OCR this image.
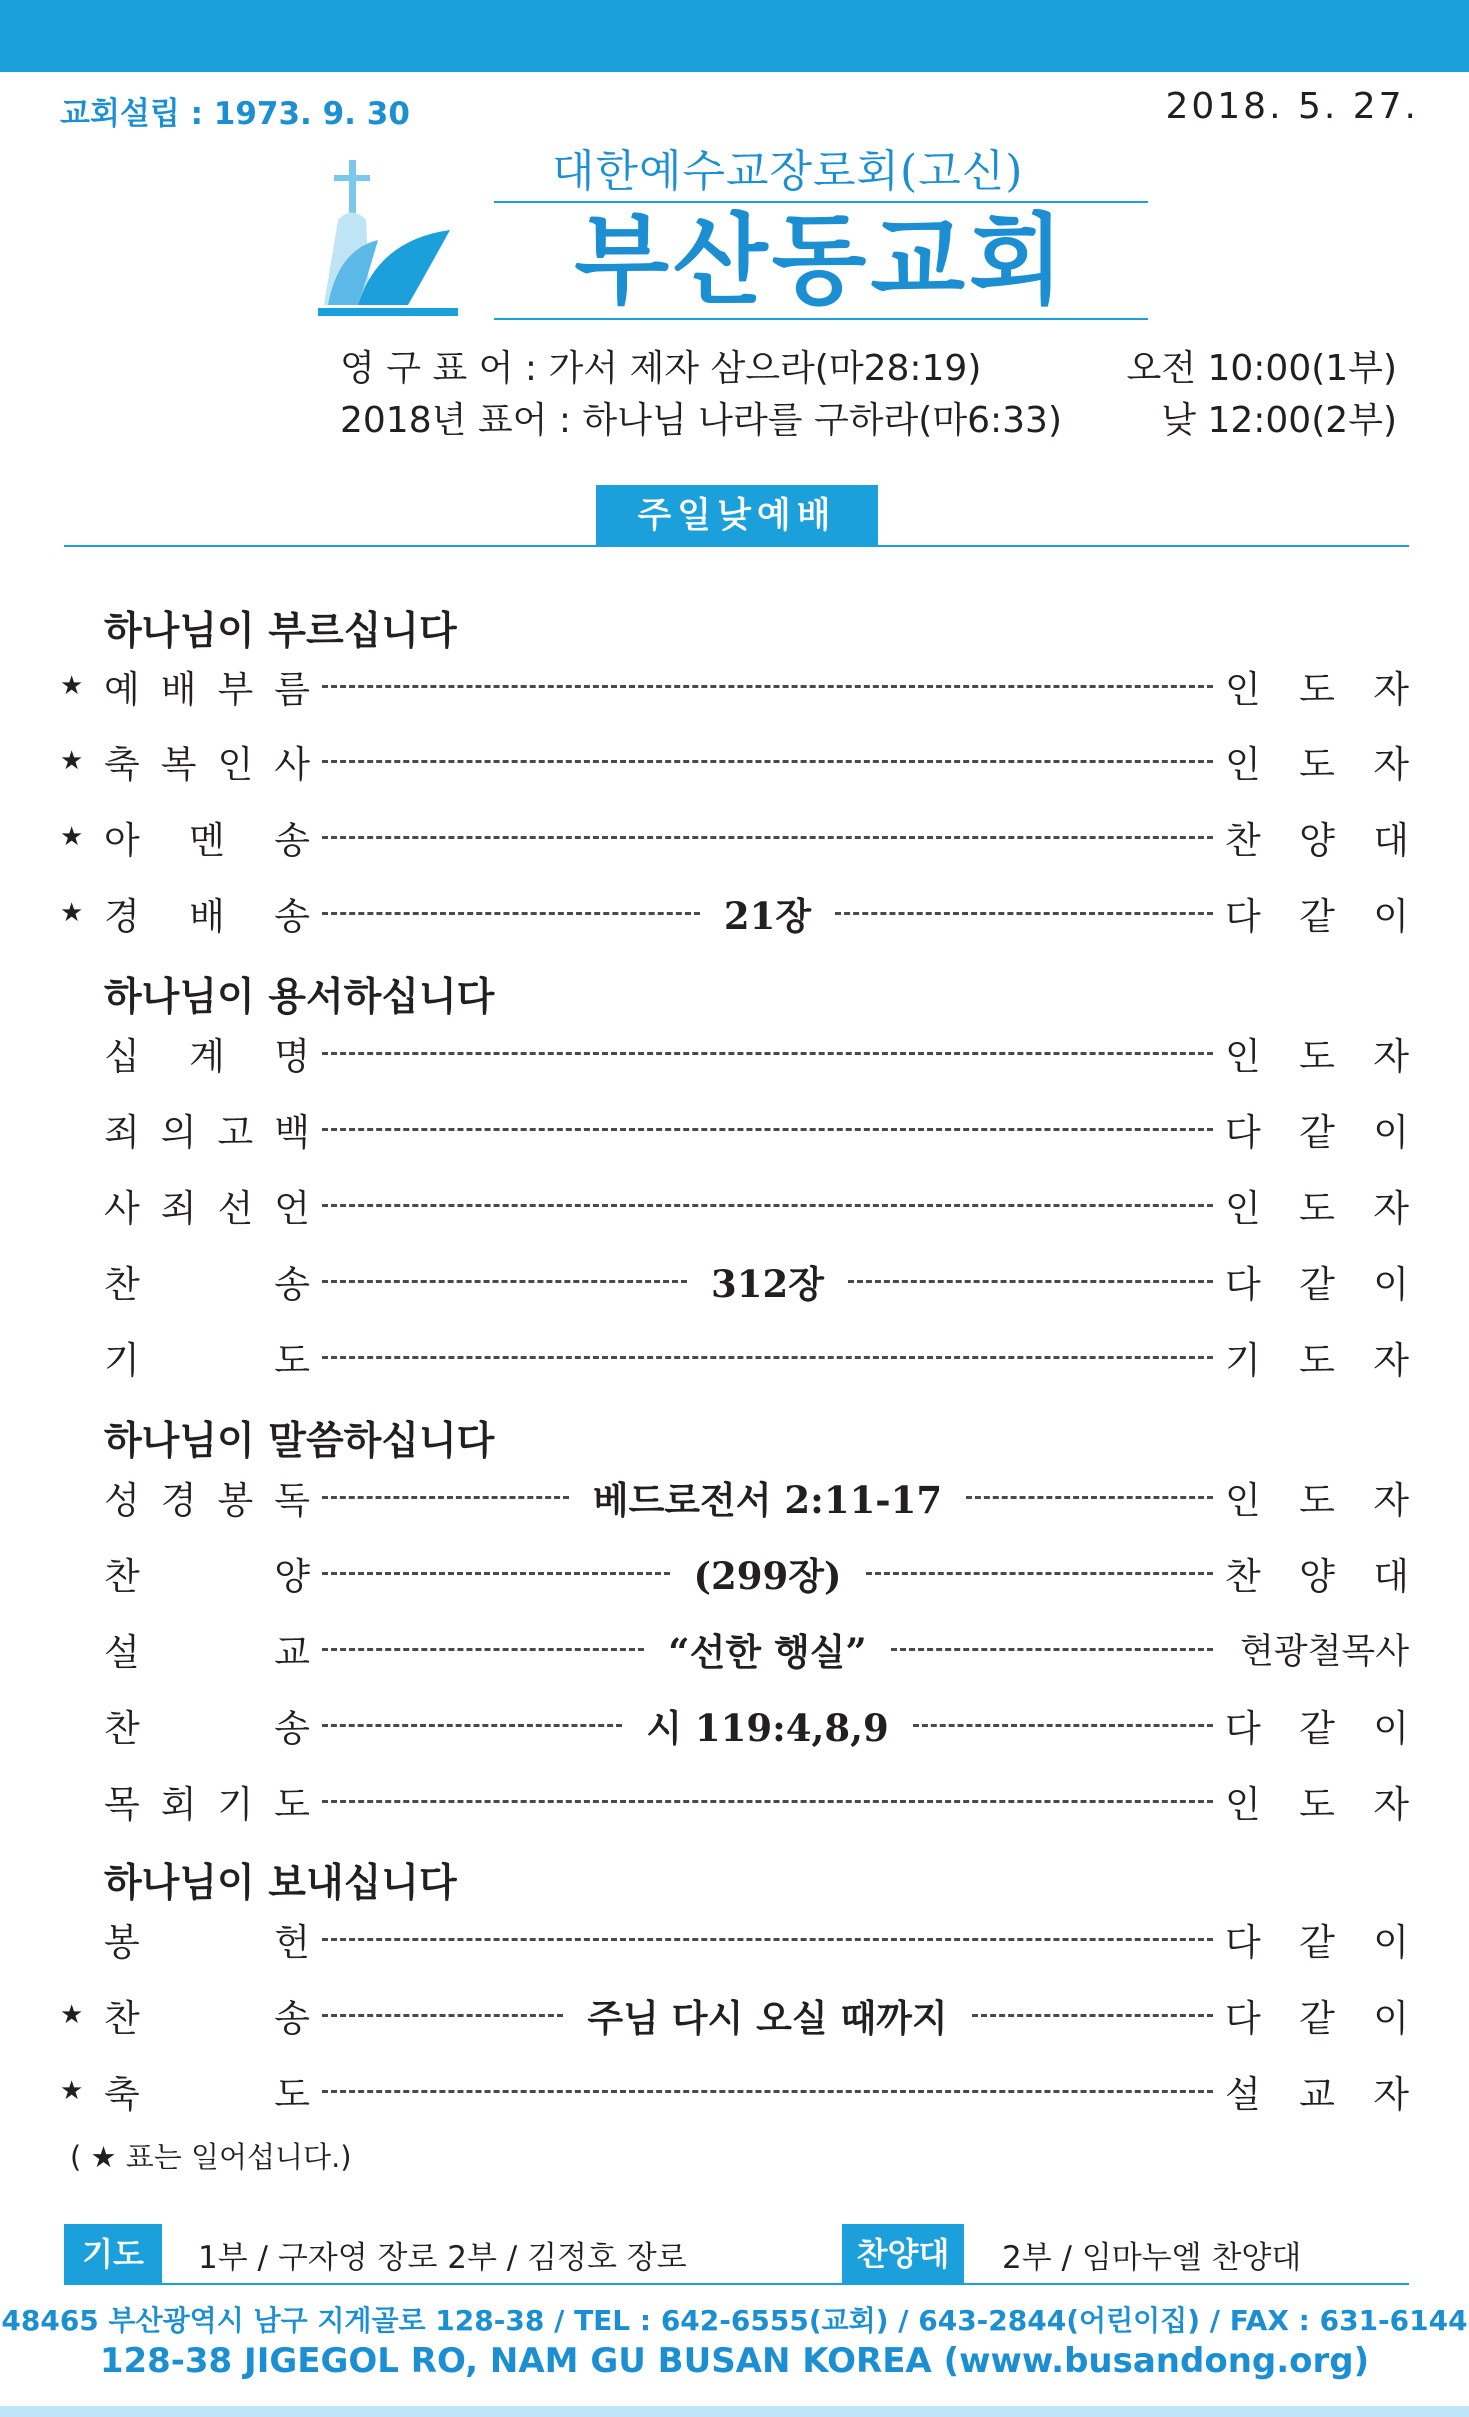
교회설립 : 1973. 9. 30	2018. 5. 27.
대한예수교장로회(고신)
부산동교회
영 구 표 어 : 가서 제자 삼으라(마28:19)
2018년 표어 : 하나님 나라를 구하라(마6:33)
오전 10:00(1부)
낮 12:00(2부)
주일낮예배
하나님이 부르십니다
★ 예 배 부 름	인 도 자
★ 축 복 인 사	인 도 자
★ 아 멘 송	찬 양 대
★ 경 배 송	21장	다 같 이
하나님이 용서하십니다
십 계 명	인 도 자
죄 의 고 백	다 같 이
사 죄 선 언	인 도 자
찬	송	312장	다 같 이
기	도	기 도 자
하나님이 말씀하십니다
성 경 봉 독	베드로전서 2:11-17	인 도 자
찬	양	(299장)	찬 양 대
설	교	“선한 행실”	현광철목사
찬	송	시 119:4,8,9	다 같 이
목 회 기 도	인 도 자
하나님이 보내십니다
봉	헌	다 같 이
★ 찬	송	주님 다시 오실 때까지	다 같 이
★ 축	도	설 교 자
( ★ 표는 일어섭니다.)
기도	1부 / 구자영 장로 2부 / 김정호 장로	찬양대	2부 / 임마누엘 찬양대
48465 부산광역시 남구 지게골로 128-38 / TEL : 642-6555(교회) / 643-2844(어린이집) / FAX : 631-6144
128-38 JIGEGOL RO, NAM GU BUSAN KOREA (www.busandong.org)
